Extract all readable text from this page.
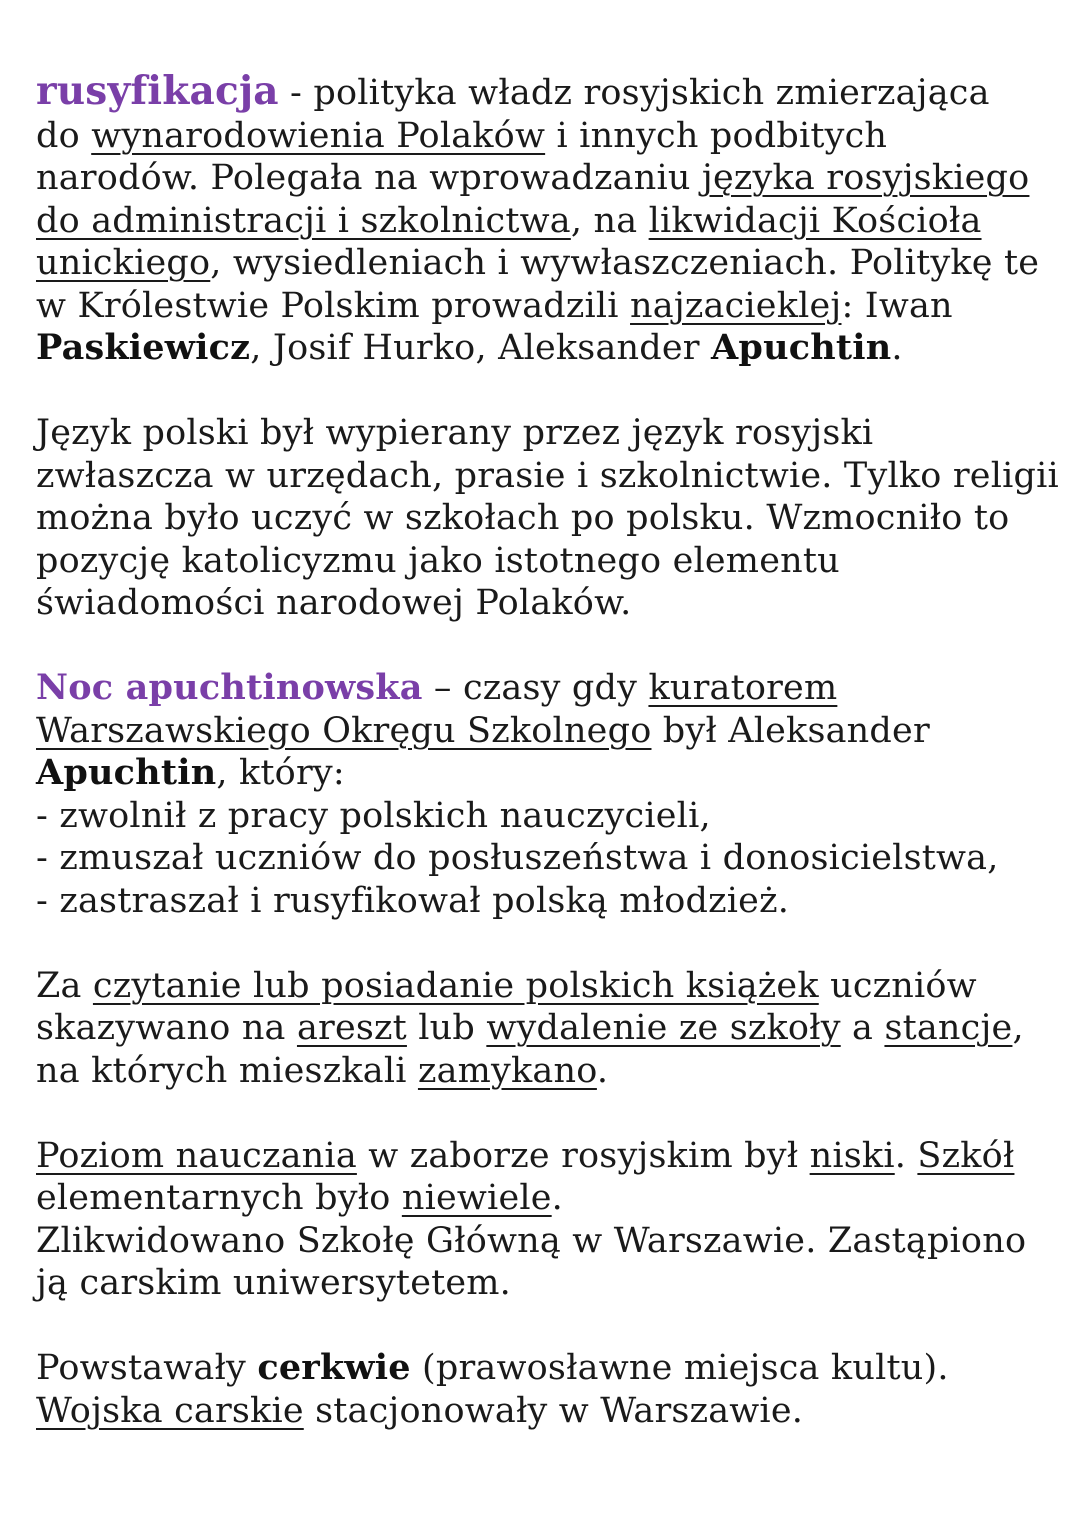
rusyfikacja - polityka władz rosyjskich zmierzająca
do wynarodowienia Polaków i innych podbitych
narodów. Polegała na wprowadzaniu języka rosyjskiego
do administracji i szkolnictwa, na likwidacji Kościoła
unickiego, wysiedleniach i wywłaszczeniach. Politykę te
w Królestwie Polskim prowadzili najzacieklej: Iwan
Paskiewicz, Josif Hurko, Aleksander Apuchtin.
Język polski był wypierany przez język rosyjski
zwłaszcza w urzędach, prasie i szkolnictwie. Tylko religii
można było uczyć w szkołach po polsku. Wzmocniło to
pozycję katolicyzmu jako istotnego elementu
świadomości narodowej Polaków.
Noc apuchtinowska – czasy gdy kuratorem
Warszawskiego Okręgu Szkolnego był Aleksander
Apuchtin, który:
- zwolnił z pracy polskich nauczycieli,
- zmuszał uczniów do posłuszeństwa i donosicielstwa,
- zastraszał i rusyfikował polską młodzież.
Za czytanie lub posiadanie polskich książek uczniów
skazywano na areszt lub wydalenie ze szkoły a stancje,
na których mieszkali zamykano.
Poziom nauczania w zaborze rosyjskim był niski. Szkół
elementarnych było niewiele.
Zlikwidowano Szkołę Główną w Warszawie. Zastąpiono
ją carskim uniwersytetem.
Powstawały cerkwie (prawosławne miejsca kultu).
Wojska carskie stacjonowały w Warszawie.
